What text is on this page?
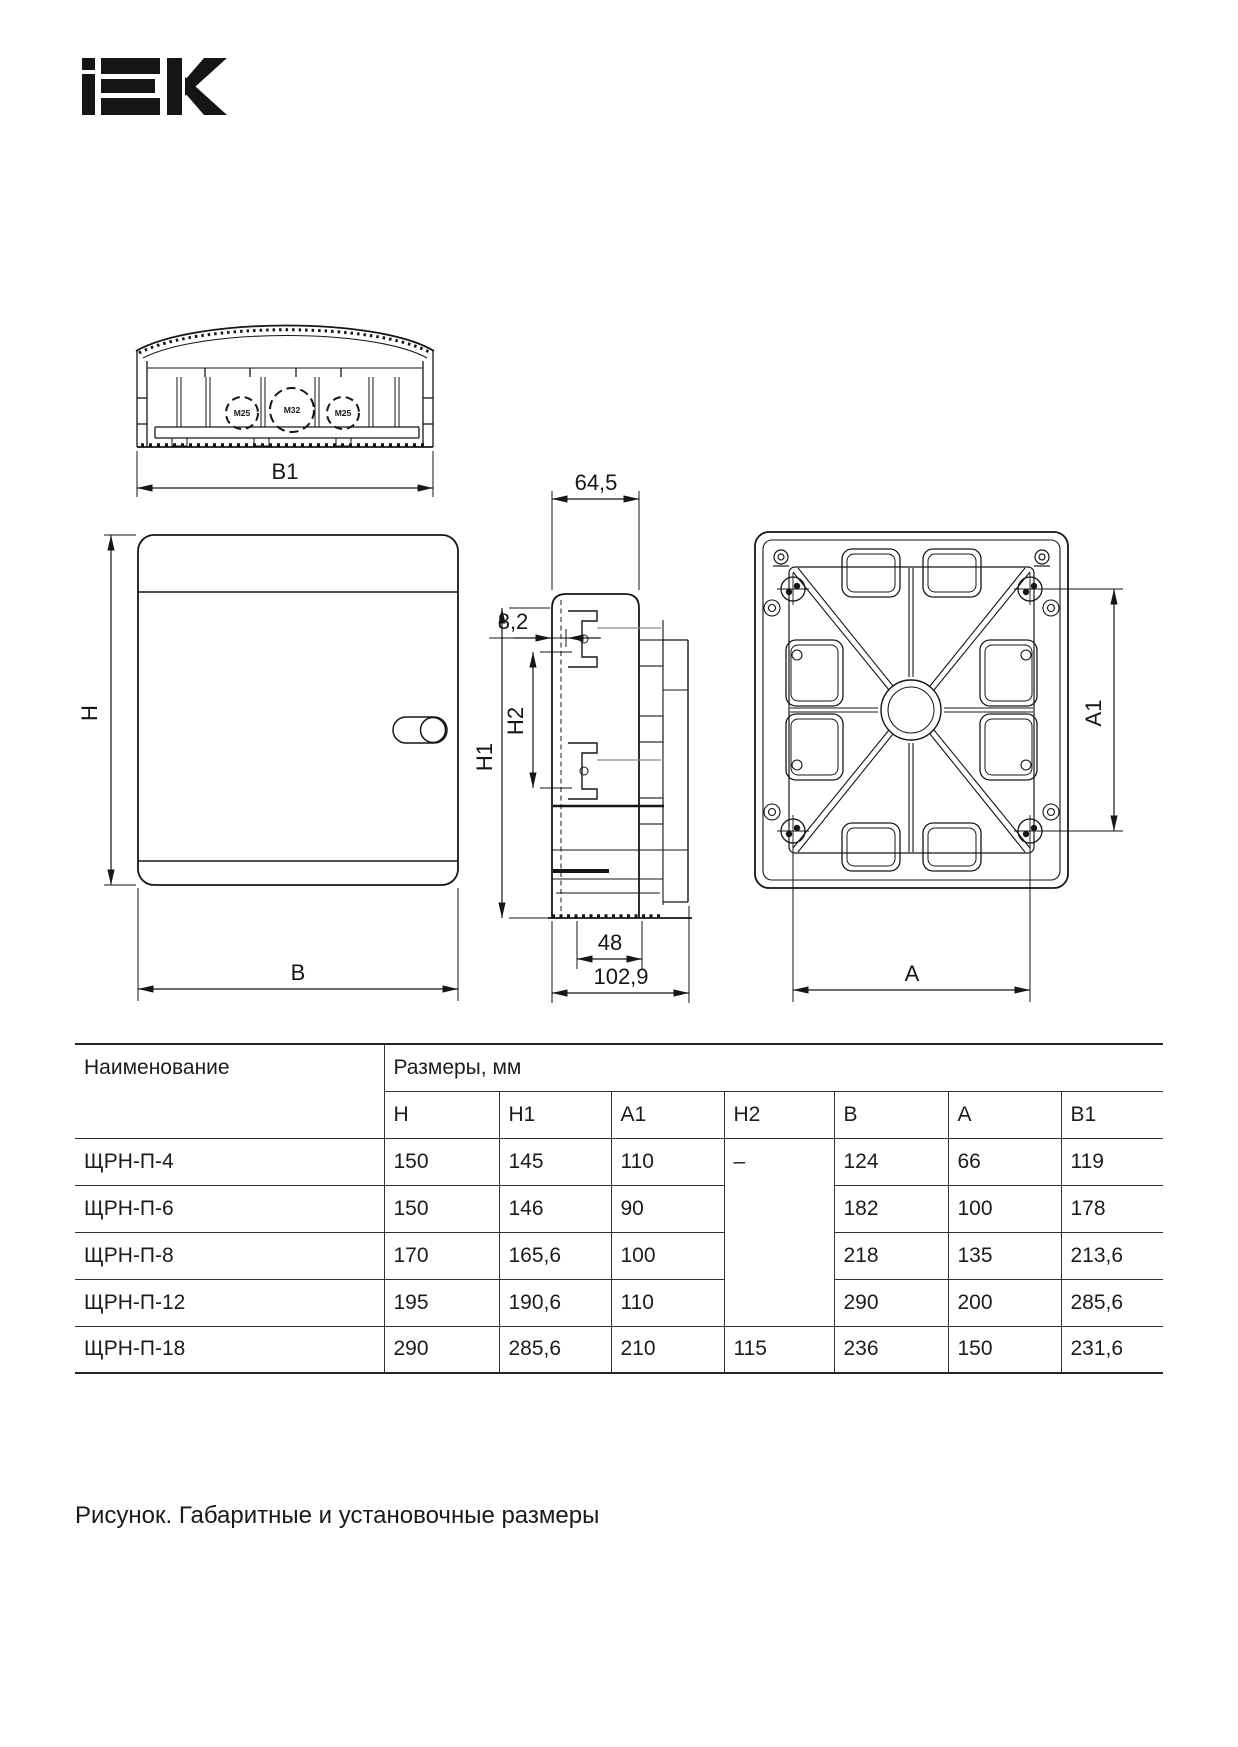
M25	M32	M25
B1
H
B
64,5
8,2
H2
H1
48
102,9
A1
A
Наименование	Размеры, мм						
	H	H1	A1	H2	B	A	B1
ЩРН-П-4	150	145	110	–	124	66	119
ЩРН-П-6	150	146	90		182	100	178
ЩРН-П-8	170	165,6	100		218	135	213,6
ЩРН-П-12	195	190,6	110		290	200	285,6
ЩРН-П-18	290	285,6	210	115	236	150	231,6
Рисунок. Габаритные и установочные размеры
